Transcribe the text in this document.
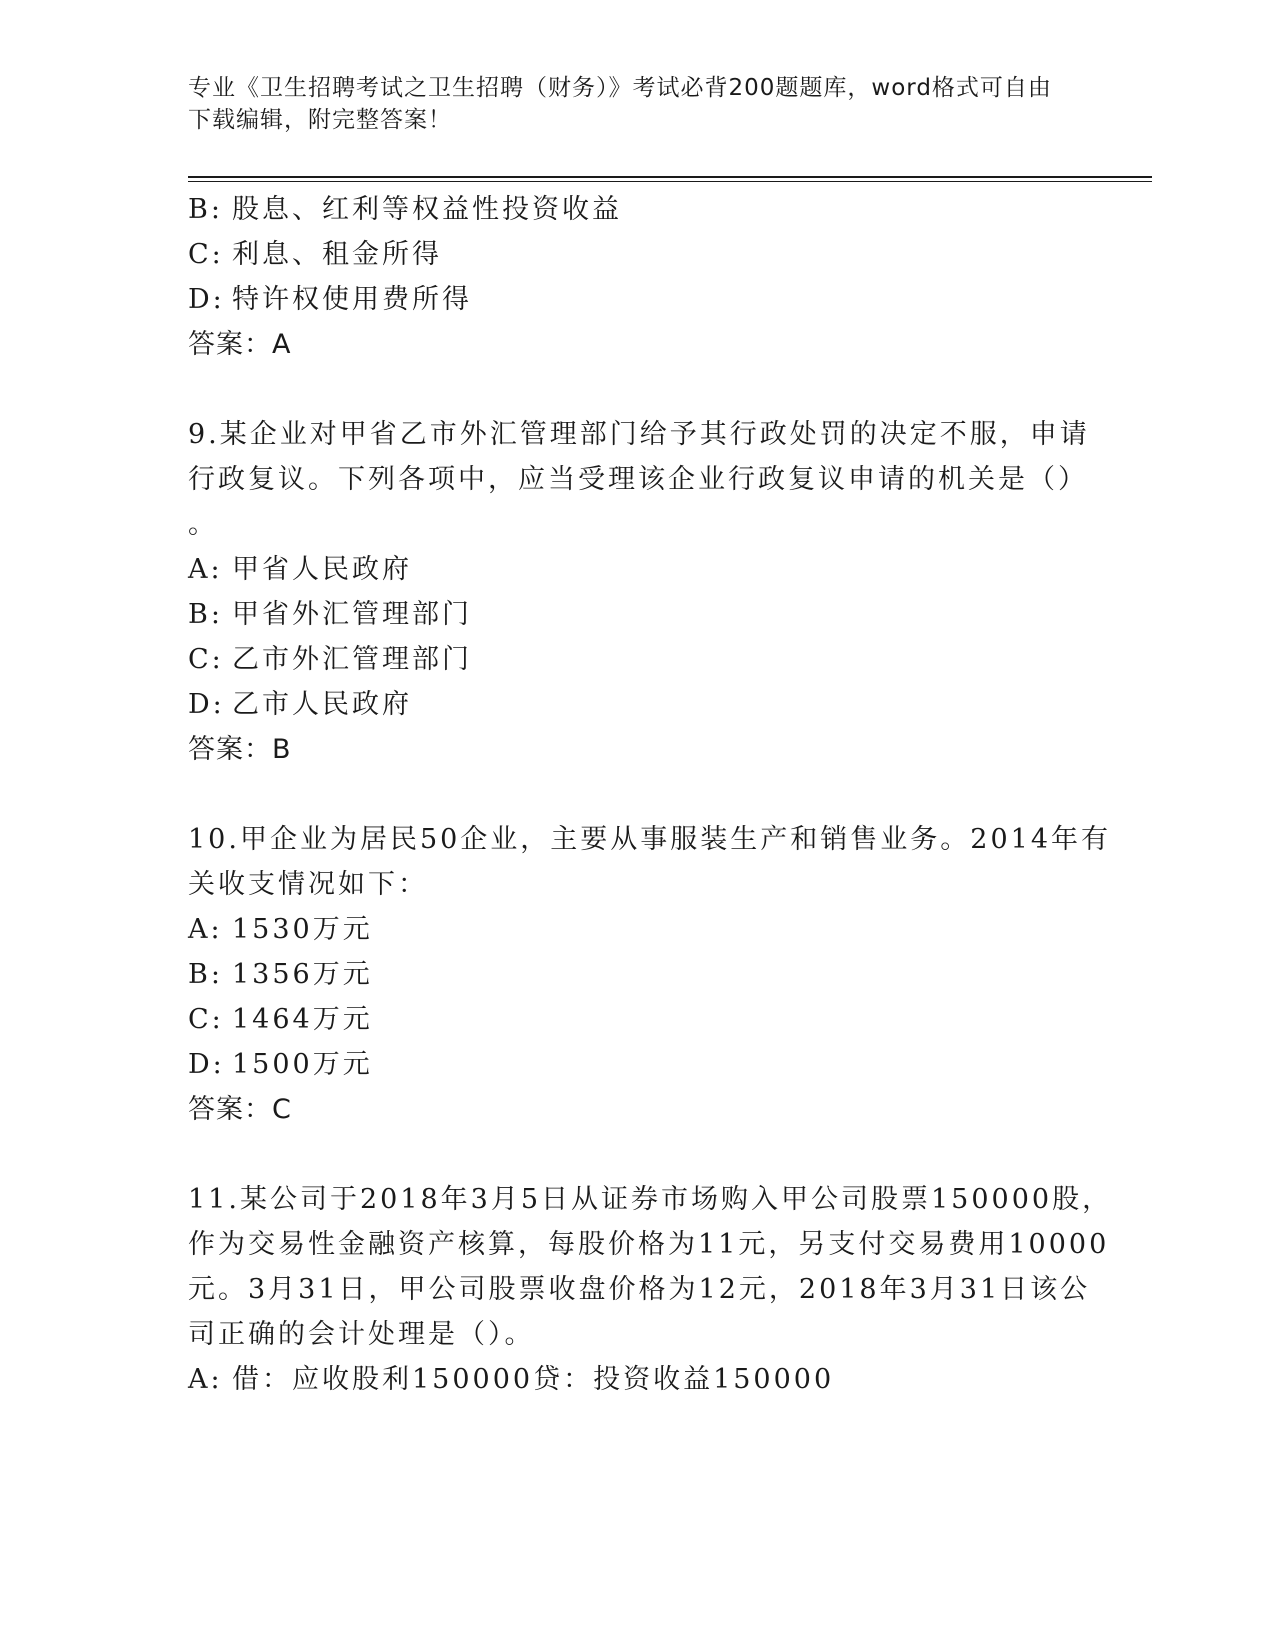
专业《卫生招聘考试之卫生招聘（财务）》考试必背200题题库，word格式可自由下载编辑，附完整答案！
B: 股息、红利等权益性投资收益
C: 利息、租金所得
D: 特许权使用费所得
答案：A
9.某企业对甲省乙市外汇管理部门给予其行政处罚的决定不服，申请
行政复议。下列各项中，应当受理该企业行政复议申请的机关是（）
。
A: 甲省人民政府
B: 甲省外汇管理部门
C: 乙市外汇管理部门
D: 乙市人民政府
答案：B
10.甲企业为居民50企业，主要从事服装生产和销售业务。2014年有
关收支情况如下：
A: 1530万元
B: 1356万元
C: 1464万元
D: 1500万元
答案：C
11.某公司于2018年3月5日从证券市场购入甲公司股票150000股，
作为交易性金融资产核算，每股价格为11元，另支付交易费用10000
元。3月31日，甲公司股票收盘价格为12元，2018年3月31日该公
司正确的会计处理是（）。
A: 借：应收股利150000贷：投资收益150000
